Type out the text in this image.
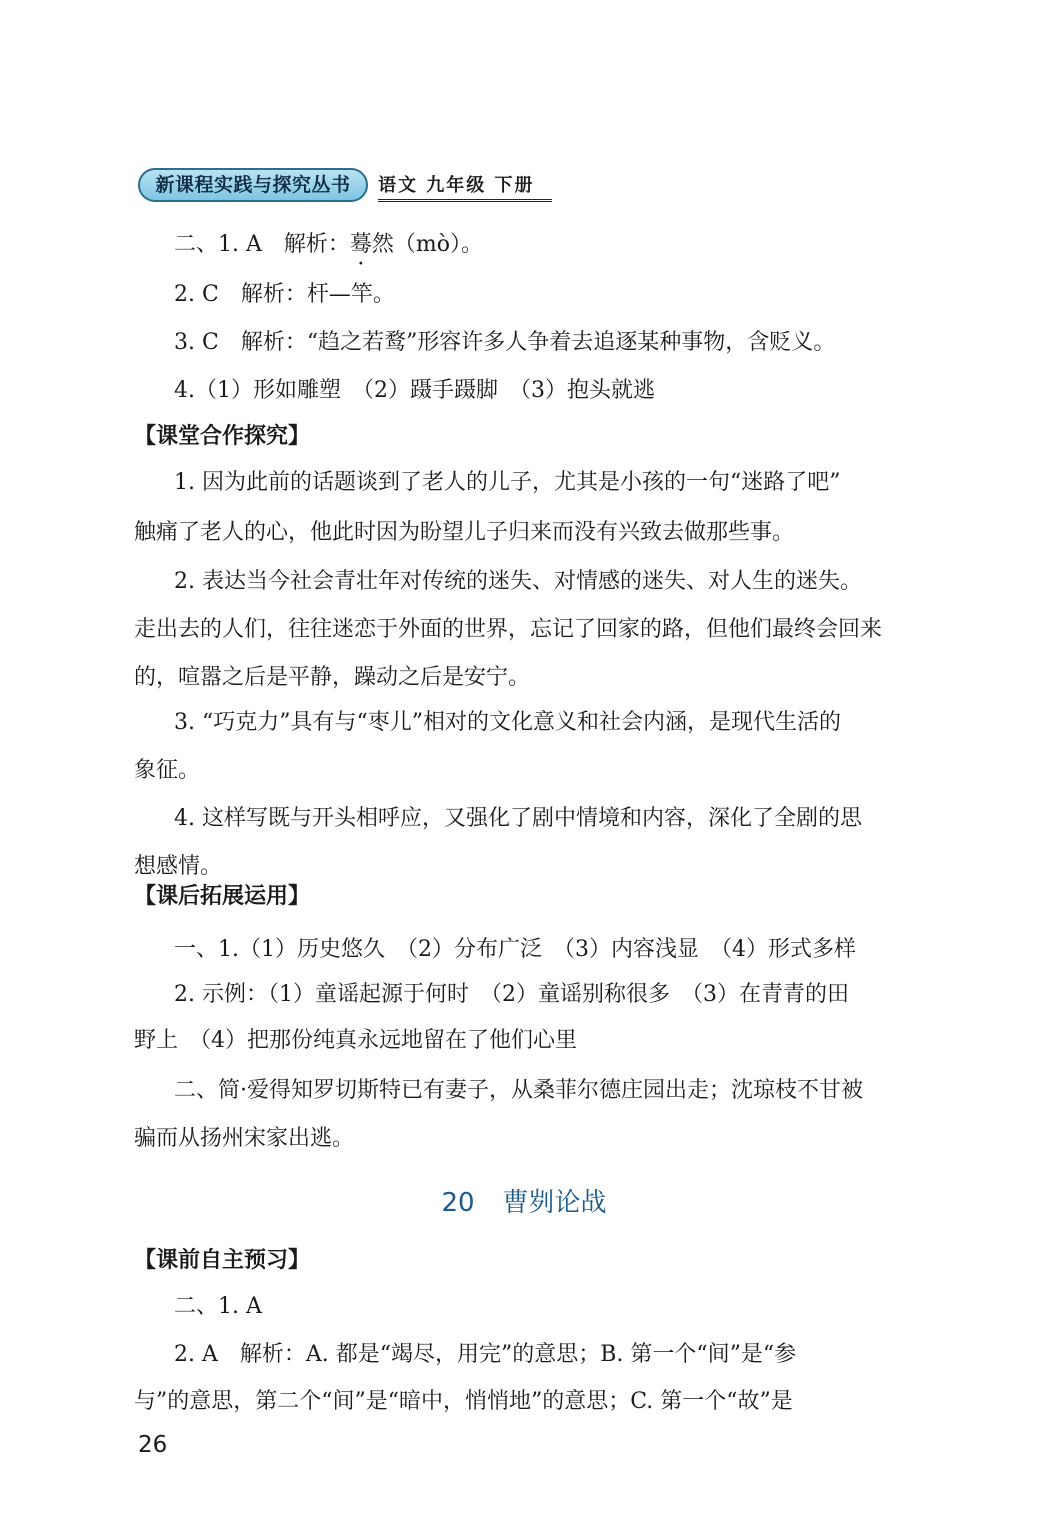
新课程实践与探究丛书	语文 九年级 下册
二、1. A　解析：蓦然（mò）。
2. C　解析：杆—竿。
3. C　解析：“趋之若鹜”形容许多人争着去追逐某种事物，含贬义。
4.（1）形如雕塑　（2）蹑手蹑脚　（3）抱头就逃
【课堂合作探究】
1. 因为此前的话题谈到了老人的儿子，尤其是小孩的一句“迷路了吧”
触痛了老人的心，他此时因为盼望儿子归来而没有兴致去做那些事。
2. 表达当今社会青壮年对传统的迷失、对情感的迷失、对人生的迷失。
走出去的人们，往往迷恋于外面的世界，忘记了回家的路，但他们最终会回来
的，喧嚣之后是平静，躁动之后是安宁。
3. “巧克力”具有与“枣儿”相对的文化意义和社会内涵，是现代生活的
象征。
4. 这样写既与开头相呼应，又强化了剧中情境和内容，深化了全剧的思
想感情。
【课后拓展运用】
一、1.（1）历史悠久　（2）分布广泛　（3）内容浅显　（4）形式多样
2. 示例：（1）童谣起源于何时　（2）童谣别称很多　（3）在青青的田
野上　（4）把那份纯真永远地留在了他们心里
二、简·爱得知罗切斯特已有妻子，从桑菲尔德庄园出走；沈琼枝不甘被
骗而从扬州宋家出逃。
20 曹刿论战
【课前自主预习】
二、1. A
2. A　解析：A. 都是“竭尽，用完”的意思；B. 第一个“间”是“参
与”的意思，第二个“间”是“暗中，悄悄地”的意思；C. 第一个“故”是
26
